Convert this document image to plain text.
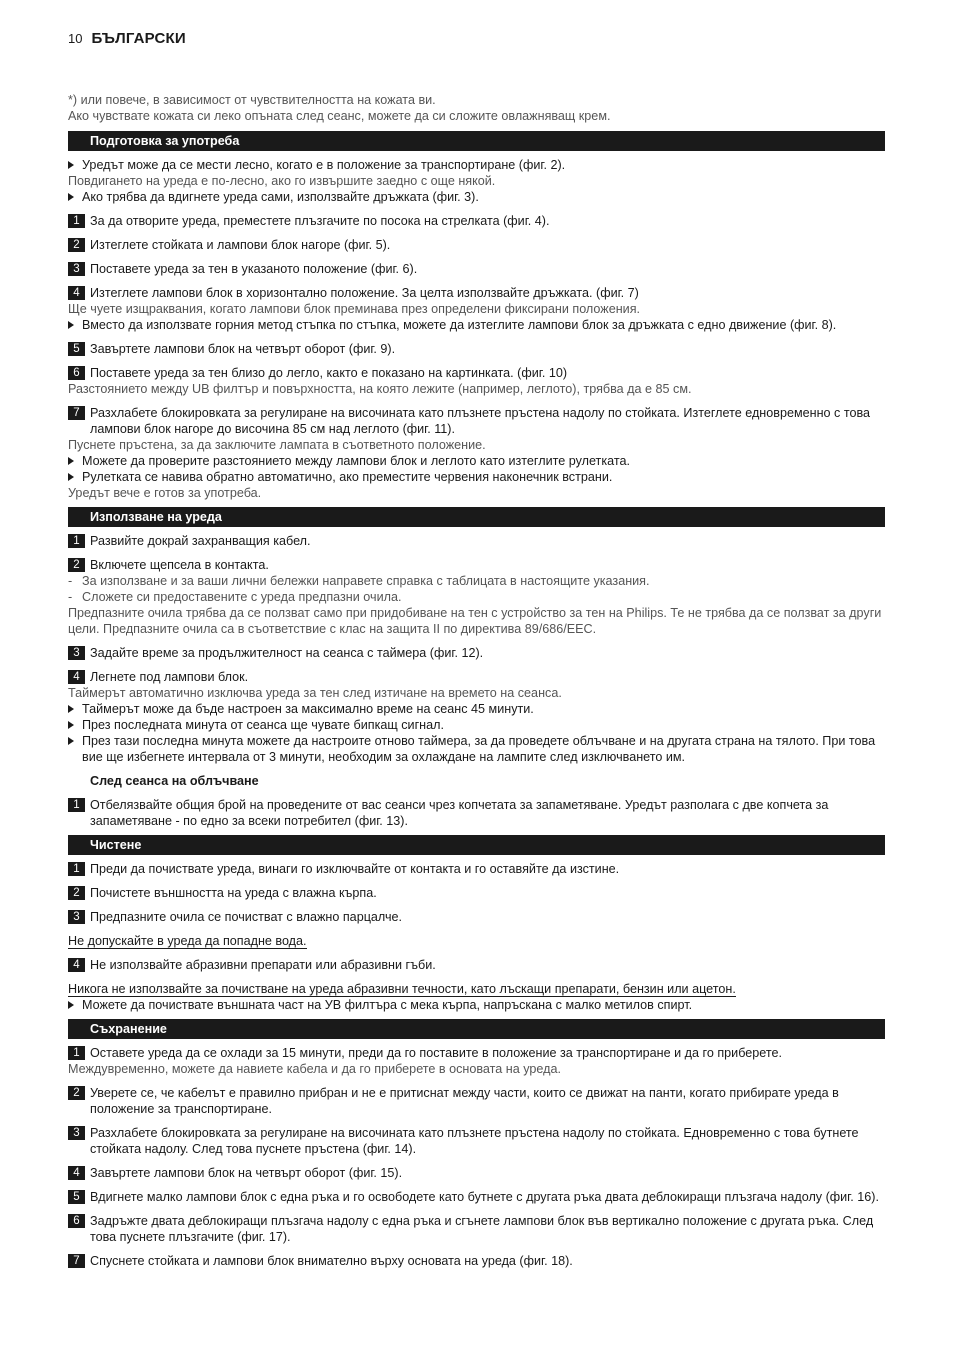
10 БЪЛГАРСКИ
*) или повече, в зависимост от чувствителността на кожата ви.
Ако чувствате кожата си леко опъната след сеанс, можете да си сложите овлажняващ крем.
Подготовка за употреба
Уредът може да се мести лесно, когато е в положение за транспортиране (фиг. 2).
Повдигането на уреда е по-лесно, ако го извършите заедно с още някой.
Ако трябва да вдигнете уреда сами, използвайте дръжката (фиг. 3).
1 За да отворите уреда, преместете плъзгачите по посока на стрелката (фиг. 4).
2 Изтеглете стойката и лампови блок нагоре (фиг. 5).
3 Поставете уреда за тен в указаното положение (фиг. 6).
4 Изтеглете лампови блок в хоризонтално положение. За целта използвайте дръжката. (фиг. 7)
Ще чуете изщраквания, когато лампови блок преминава през определени фиксирани положения.
Вместо да използвате горния метод стъпка по стъпка, можете да изтеглите лампови блок за дръжката с едно движение (фиг. 8).
5 Завъртете лампови блок на четвърт оборот (фиг. 9).
6 Поставете уреда за тен близо до легло, както е показано на картинката. (фиг. 10)
Разстоянието между UB филтър и повърхността, на която лежите (например, леглото), трябва да е 85 см.
7 Разхлабете блокировката за регулиране на височината като плъзнете пръстена надолу по стойката. Изтеглете едновременно с това лампови блок нагоре до височина 85 см над леглото (фиг. 11).
Пуснете пръстена, за да заключите лампата в съответното положение.
Можете да проверите разстоянието между лампови блок и леглото като изтеглите рулетката.
Рулетката се навива обратно автоматично, ако преместите червения наконечник встрани.
Уредът вече е готов за употреба.
Използване на уреда
1 Развийте докрай захранващия кабел.
2 Включете щепсела в контакта.
- За използване и за ваши лични бележки направете справка с таблицата в настоящите указания.
- Сложете си предоставените с уреда предпазни очила.
Предпазните очила трябва да се ползват само при придобиване на тен с устройство за тен на Philips. Те не трябва да се ползват за други цели. Предпазните очила са в съответствие с клас на защита II по директива 89/686/EEC.
3 Задайте време за продължителност на сеанса с таймера (фиг. 12).
4 Легнете под лампови блок.
Таймерът автоматично изключва уреда за тен след изтичане на времето на сеанса.
Таймерът може да бъде настроен за максимално време на сеанс 45 минути.
През последната минута от сеанса ще чувате бипкащ сигнал.
През тази последна минута можете да настроите отново таймера, за да проведете облъчване и на другата страна на тялото. При това вие ще избегнете интервала от 3 минути, необходим за охлаждане на лампите след изключването им.
След сеанса на облъчване
1 Отбелязвайте общия брой на проведените от вас сеанси чрез копчетата за запаметяване. Уредът разполага с две копчета за запаметяване - по едно за всеки потребител (фиг. 13).
Чистене
1 Преди да почиствате уреда, винаги го изключвайте от контакта и го оставяйте да изстине.
2 Почистете външността на уреда с влажна кърпа.
3 Предпазните очила се почистват с влажно парцалче.
Не допускайте в уреда да попадне вода.
4 Не използвайте абразивни препарати или абразивни гъби.
Никога не използвайте за почистване на уреда абразивни течности, като лъскащи препарати, бензин или ацетон.
Можете да почиствате външната част на УВ филтъра с мека кърпа, напръскана с малко метилов спирт.
Съхранение
1 Оставете уреда да се охлади за 15 минути, преди да го поставите в положение за транспортиране и да го приберете.
Междувременно, можете да навиете кабела и да го приберете в основата на уреда.
2 Уверете се, че кабелът е правилно прибран и не е притиснат между части, които се движат на панти, когато прибирате уреда в положение за транспортиране.
3 Разхлабете блокировката за регулиране на височината като плъзнете пръстена надолу по стойката. Едновременно с това бутнете стойката надолу. След това пуснете пръстена (фиг. 14).
4 Завъртете лампови блок на четвърт оборот (фиг. 15).
5 Вдигнете малко лампови блок с една ръка и го освободете като бутнете с другата ръка двата деблокиращи плъзгача надолу (фиг. 16).
6 Задръжте двата деблокиращи плъзгача надолу с една ръка и сгънете лампови блок във вертикално положение с другата ръка. След това пуснете плъзгачите (фиг. 17).
7 Спуснете стойката и лампови блок внимателно върху основата на уреда (фиг. 18).
